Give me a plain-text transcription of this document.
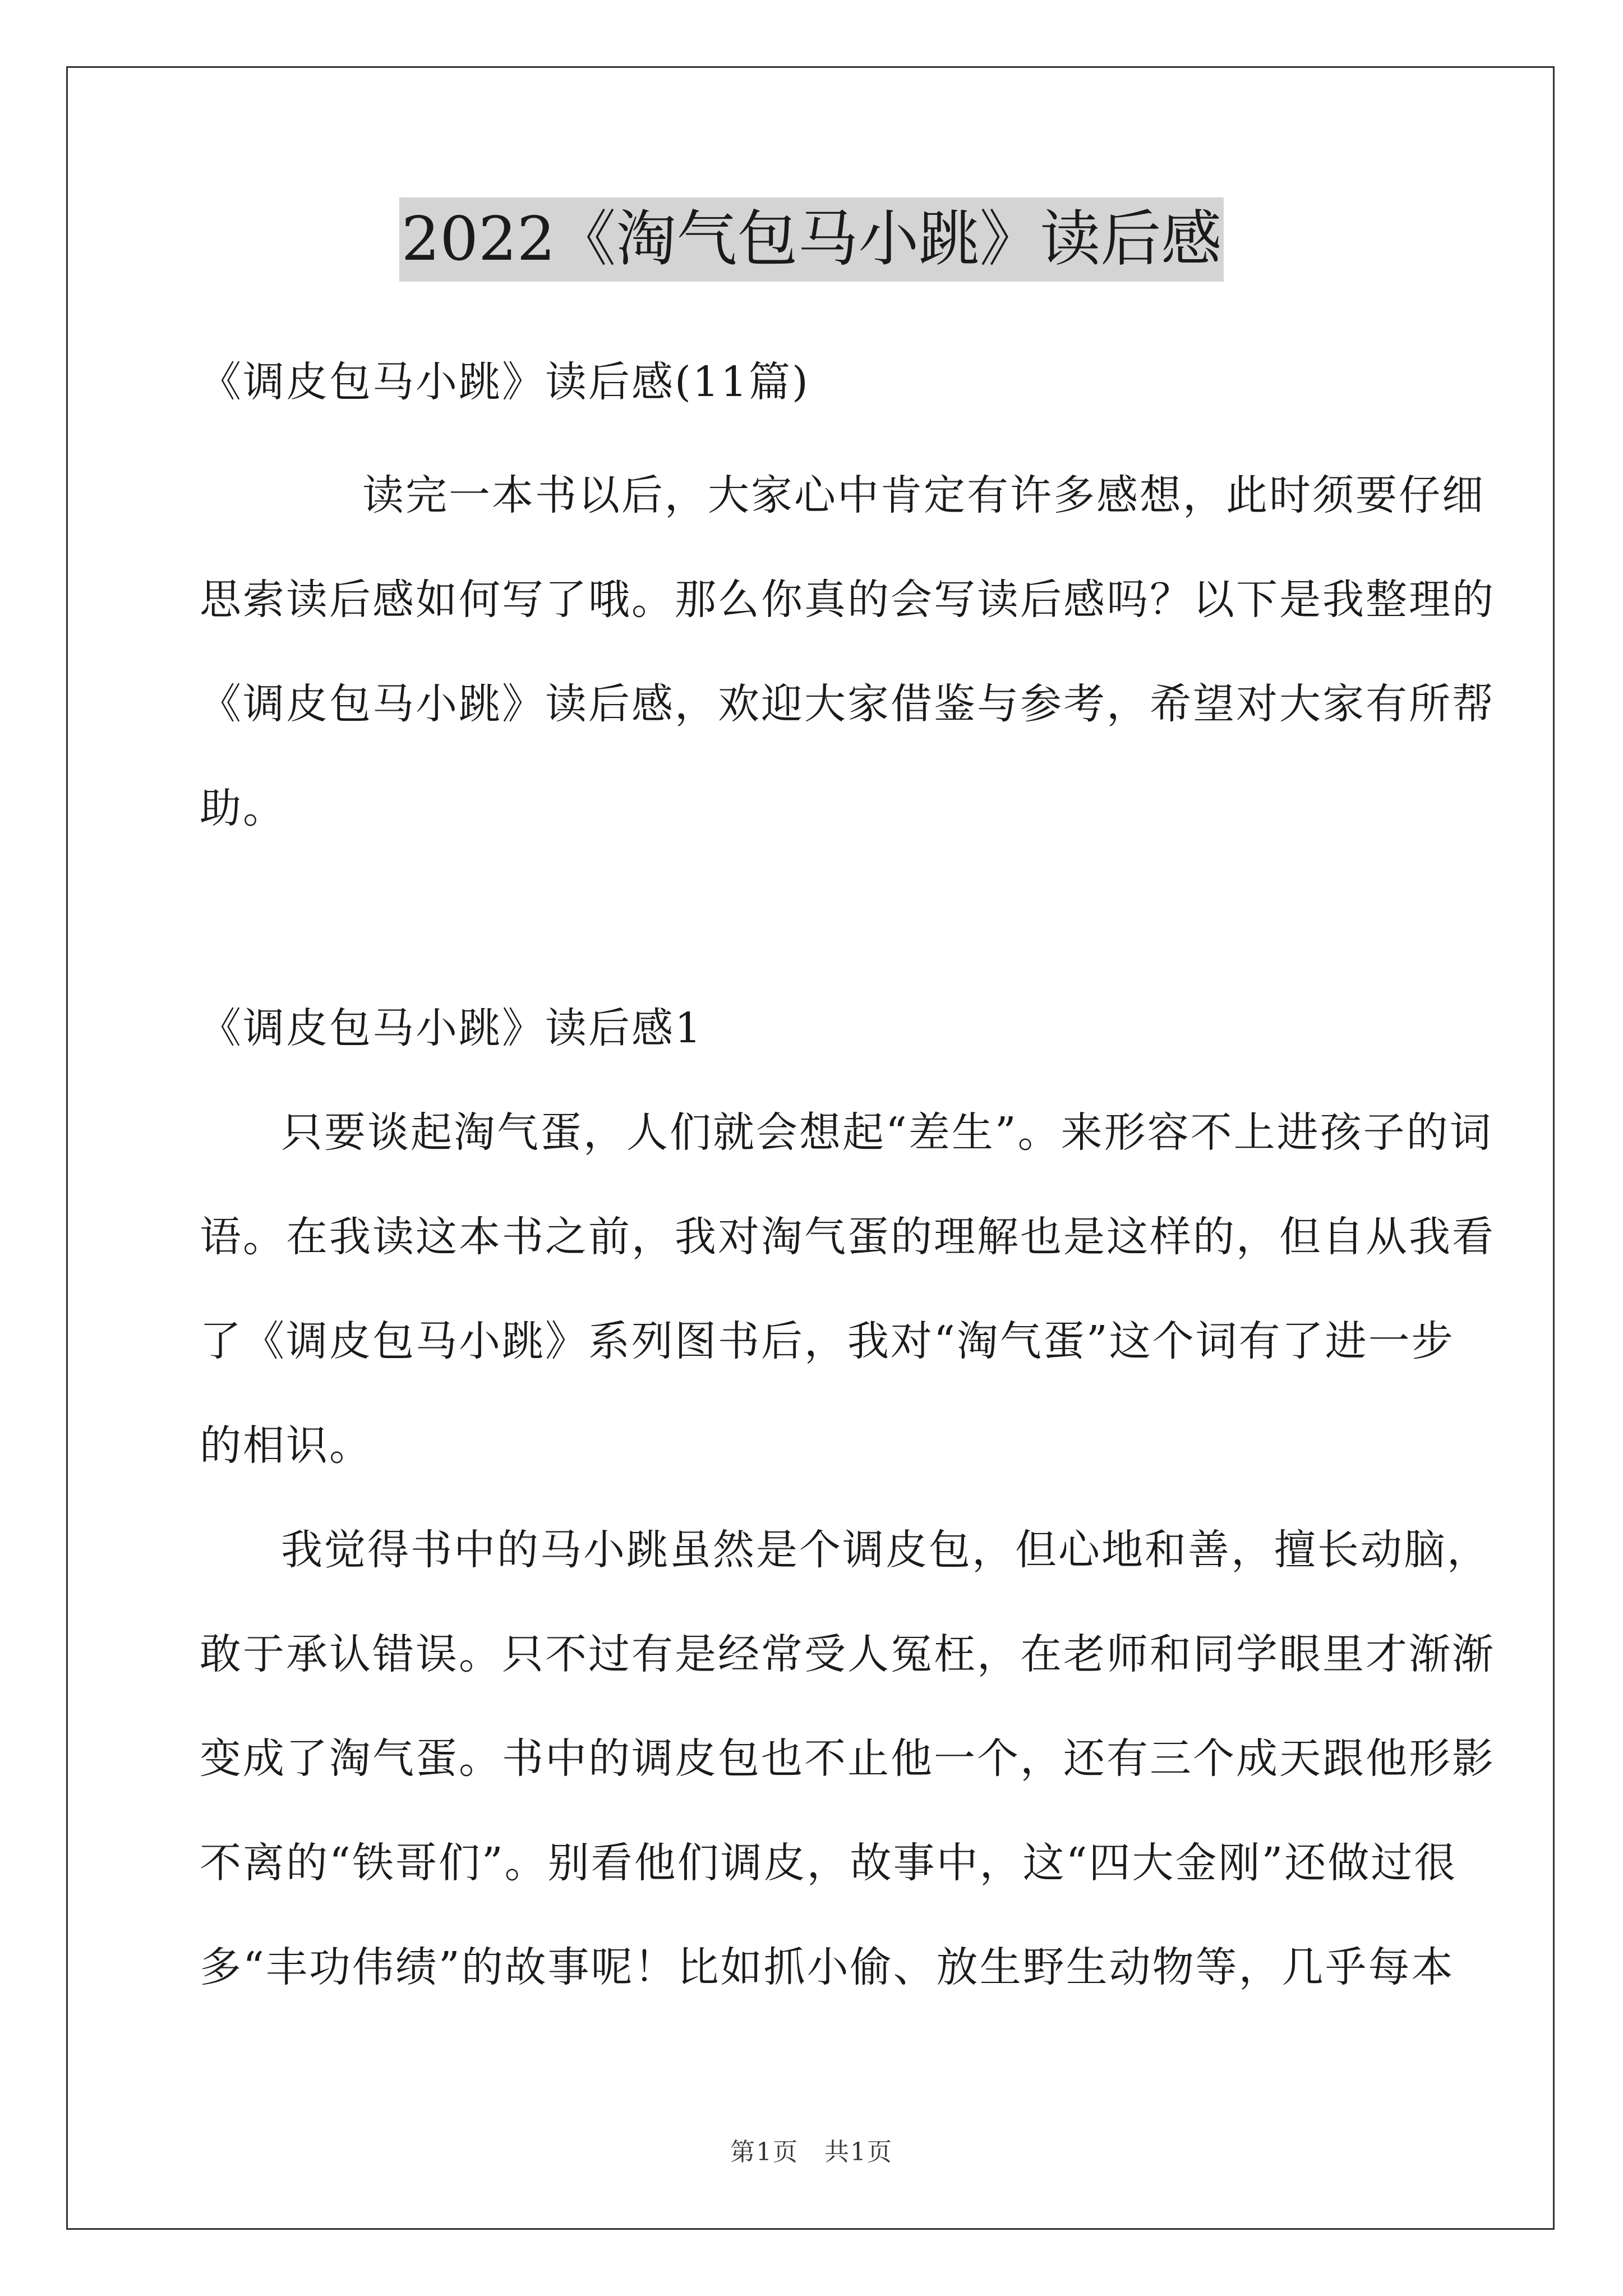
2022《淘气包马小跳》读后感
《调皮包马小跳》读后感(11篇)
读完一本书以后，大家心中肯定有许多感想，此时须要仔细
思索读后感如何写了哦。那么你真的会写读后感吗？以下是我整理的
《调皮包马小跳》读后感，欢迎大家借鉴与参考，希望对大家有所帮
助。
《调皮包马小跳》读后感1
只要谈起淘气蛋，人们就会想起“差生”。来形容不上进孩子的词
语。在我读这本书之前，我对淘气蛋的理解也是这样的，但自从我看
了《调皮包马小跳》系列图书后，我对“淘气蛋”这个词有了进一步
的相识。
我觉得书中的马小跳虽然是个调皮包，但心地和善，擅长动脑，
敢于承认错误。只不过有是经常受人冤枉，在老师和同学眼里才渐渐
变成了淘气蛋。书中的调皮包也不止他一个，还有三个成天跟他形影
不离的“铁哥们”。别看他们调皮，故事中，这“四大金刚”还做过很
多“丰功伟绩”的故事呢！比如抓小偷、放生野生动物等，几乎每本
第1页　共1页
